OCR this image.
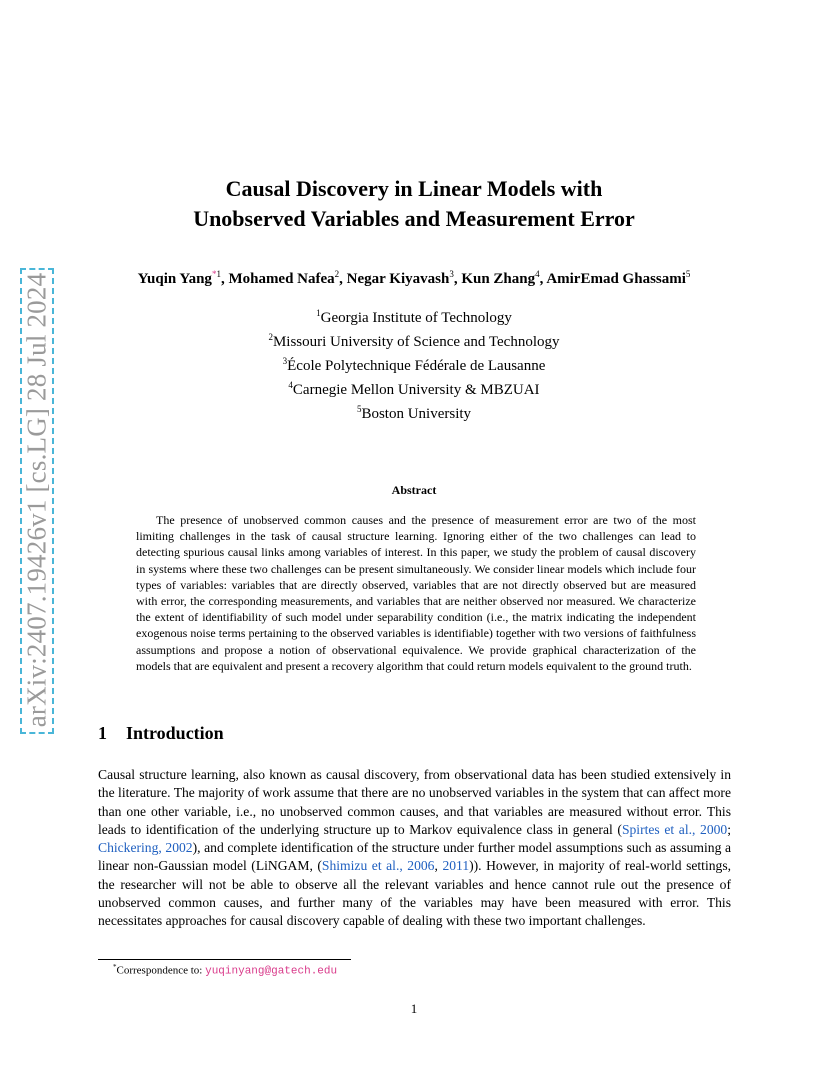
arXiv:2407.19426v1 [cs.LG] 28 Jul 2024
Causal Discovery in Linear Models with
Unobserved Variables and Measurement Error
Yuqin Yang$^{*1}$, Mohamed Nafea$^2$, Negar Kiyavash$^3$, Kun Zhang$^4$, AmirEmad Ghassami$^5$
$^1$Georgia Institute of Technology
$^2$Missouri University of Science and Technology
$^3$École Polytechnique Fédérale de Lausanne
$^4$Carnegie Mellon University & MBZUAI
$^5$Boston University
Abstract
The presence of unobserved common causes and the presence of measurement error are two of the most limiting challenges in the task of causal structure learning. Ignoring either of the two challenges can lead to detecting spurious causal links among variables of interest. In this paper, we study the problem of causal discovery in systems where these two challenges can be present simultaneously. We consider linear models which include four types of variables: variables that are directly observed, variables that are not directly observed but are measured with error, the corresponding measurements, and variables that are neither observed nor measured. We characterize the extent of identifiability of such model under separability condition (i.e., the matrix indicating the independent exogenous noise terms pertaining to the observed variables is identifiable) together with two versions of faithfulness assumptions and propose a notion of observational equivalence. We provide graphical characterization of the models that are equivalent and present a recovery algorithm that could return models equivalent to the ground truth.
1 Introduction
Causal structure learning, also known as causal discovery, from observational data has been studied extensively in the literature. The majority of work assume that there are no unobserved variables in the system that can affect more than one other variable, i.e., no unobserved common causes, and that variables are measured without error. This leads to identification of the underlying structure up to Markov equivalence class in general (Spirtes et al., 2000; Chickering, 2002), and complete identification of the structure under further model assumptions such as assuming a linear non-Gaussian model (LiNGAM, (Shimizu et al., 2006, 2011)). However, in majority of real-world settings, the researcher will not be able to observe all the relevant variables and hence cannot rule out the presence of unobserved common causes, and further many of the variables may have been measured with error. This necessitates approaches for causal discovery capable of dealing with these two important challenges.
*Correspondence to: yuqinyang@gatech.edu
1
